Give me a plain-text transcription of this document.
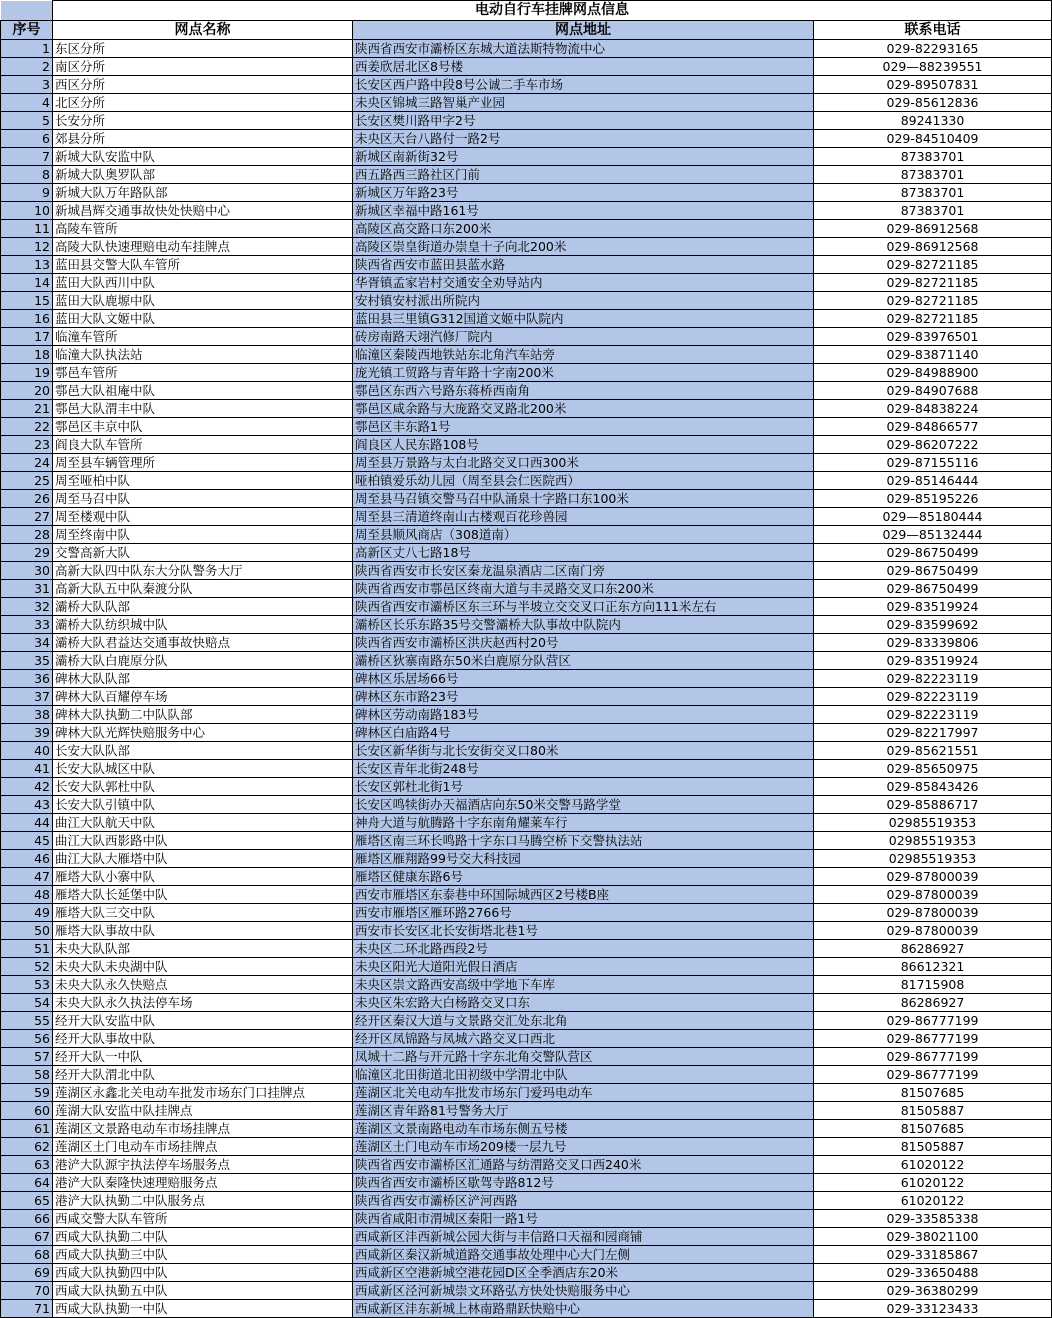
	电动自行车挂牌网点信息		
序号	网点名称	网点地址	联系电话
1	东区分所	陕西省西安市灞桥区东城大道法斯特物流中心	029-82293165
2	南区分所	西姜欣居北区8号楼	029—88239551
3	西区分所	长安区西户路中段8号公诚二手车市场	029-89507831
4	北区分所	未央区锦城三路智巢产业园	029-85612836
5	长安分所	长安区樊川路甲字2号	89241330
6	郊县分所	未央区天台八路付一路2号	029-84510409
7	新城大队安监中队	新城区南新街32号	87383701
8	新城大队奥罗队部	西五路西三路社区门前	87383701
9	新城大队万年路队部	新城区万年路23号	87383701
10	新城昌辉交通事故快处快赔中心	新城区幸福中路161号	87383701
11	高陵车管所	高陵区高交路口东200米	029-86912568
12	高陵大队快速理赔电动车挂牌点	高陵区崇皇街道办崇皇十子向北200米	029-86912568
13	蓝田县交警大队车管所	陕西省西安市蓝田县蓝水路	029-82721185
14	蓝田大队西川中队	华胥镇孟家岩村交通安全劝导站内	029-82721185
15	蓝田大队鹿塬中队	安村镇安村派出所院内	029-82721185
16	蓝田大队文姬中队	蓝田县三里镇G312国道文姬中队院内	029-82721185
17	临潼车管所	砖房南路天翊汽修厂院内	029-83976501
18	临潼大队执法站	临潼区秦陵西地铁站东北角汽车站旁	029-83871140
19	鄠邑车管所	庞光镇工贸路与青年路十字南200米	029-84988900
20	鄠邑大队祖庵中队	鄠邑区东西六号路东蒋桥西南角	029-84907688
21	鄠邑大队渭丰中队	鄠邑区咸余路与大庞路交叉路北200米	029-84838224
22	鄠邑区丰京中队	鄠邑区丰东路1号	029-84866577
23	阎良大队车管所	阎良区人民东路108号	029-86207222
24	周至县车辆管理所	周至县万景路与太白北路交叉口西300米	029-87155116
25	周至哑柏中队	哑柏镇爱乐幼儿园（周至县会仁医院西）	029-85146444
26	周至马召中队	周至县马召镇交警马召中队涌泉十字路口东100米	029-85195226
27	周至楼观中队	周至县三清道终南山古楼观百花珍兽园	029—85180444
28	周至终南中队	周至县顺风商店（308道南）	029—85132444
29	交警高新大队	高新区丈八七路18号	029-86750499
30	高新大队四中队东大分队警务大厅	陕西省西安市长安区秦龙温泉酒店二区南门旁	029-86750499
31	高新大队五中队秦渡分队	陕西省西安市鄠邑区终南大道与丰灵路交叉口东200米	029-86750499
32	灞桥大队队部	陕西省西安市灞桥区东三环与半坡立交交叉口正东方向111米左右	029-83519924
33	灞桥大队纺织城中队	灞桥区长乐东路35号交警灞桥大队事故中队院内	029-83599692
34	灞桥大队君益达交通事故快赔点	陕西省西安市灞桥区洪庆赵西村20号	029-83339806
35	灞桥大队白鹿原分队	灞桥区狄寨南路东50米白鹿原分队营区	029-83519924
36	碑林大队队部	碑林区乐居场66号	029-82223119
37	碑林大队百耀停车场	碑林区东市路23号	029-82223119
38	碑林大队执勤二中队队部	碑林区劳动南路183号	029-82223119
39	碑林大队光辉快赔服务中心	碑林区白庙路4号	029-82217997
40	长安大队队部	长安区新华街与北长安街交叉口80米	029-85621551
41	长安大队城区中队	长安区青年北街248号	029-85650975
42	长安大队郭杜中队	长安区郭杜北街1号	029-85843426
43	长安大队引镇中队	长安区鸣犊街办天福酒店向东50米交警马路学堂	029-85886717
44	曲江大队航天中队	神舟大道与航腾路十字东南角耀莱车行	02985519353
45	曲江大队西影路中队	雁塔区南三环长鸣路十字东口马腾空桥下交警执法站	02985519353
46	曲江大队大雁塔中队	雁塔区雁翔路99号交大科技园	02985519353
47	雁塔大队小寨中队	雁塔区健康东路6号	029-87800039
48	雁塔大队长延堡中队	西安市雁塔区东泰巷中环国际城西区2号楼B座	029-87800039
49	雁塔大队三交中队	西安市雁塔区雁环路2766号	029-87800039
50	雁塔大队事故中队	西安市长安区北长安街塔北巷1号	029-87800039
51	未央大队队部	未央区二环北路西段2号	86286927
52	未央大队未央湖中队	未央区阳光大道阳光假日酒店	86612321
53	未央大队永久快赔点	未央区崇文路西安高级中学地下车库	81715908
54	未央大队永久执法停车场	未央区朱宏路大白杨路交叉口东	86286927
55	经开大队安监中队	经开区秦汉大道与文景路交汇处东北角	029-86777199
56	经开大队事故中队	经开区凤锦路与凤城六路交叉口西北	029-86777199
57	经开大队一中队	凤城十二路与开元路十字东北角交警队营区	029-86777199
58	经开大队渭北中队	临潼区北田街道北田初级中学渭北中队	029-86777199
59	莲湖区永鑫北关电动车批发市场东门口挂牌点	莲湖区北关电动车批发市场东门爱玛电动车	81507685
60	莲湖大队安监中队挂牌点	莲湖区青年路81号警务大厅	81505887
61	莲湖区文景路电动车市场挂牌点	莲湖区文景南路电动车市场东侧五号楼	81507685
62	莲湖区土门电动车市场挂牌点	莲湖区土门电动车市场209楼一层九号	81505887
63	港浐大队源宇执法停车场服务点	陕西省西安市灞桥区汇通路与纺渭路交叉口西240米	61020122
64	港浐大队秦隆快速理赔服务点	陕西省西安市灞桥区歇驾寺路812号	61020122
65	港浐大队执勤二中队服务点	陕西省西安市灞桥区浐河西路	61020122
66	西咸交警大队车管所	陕西省咸阳市渭城区秦阳一路1号	029-33585338
67	西咸大队执勤二中队	西咸新区沣西新城公园大街与丰信路口天福和园商铺	029-38021100
68	西咸大队执勤三中队	西咸新区秦汉新城道路交通事故处理中心大门左侧	029-33185867
69	西咸大队执勤四中队	西咸新区空港新城空港花园D区全季酒店东20米	029-33650488
70	西咸大队执勤五中队	西咸新区泾河新城崇文环路弘方快处快赔服务中心	029-36380299
71	西咸大队执勤一中队	西咸新区沣东新城上林南路鼎跃快赔中心	029-33123433
